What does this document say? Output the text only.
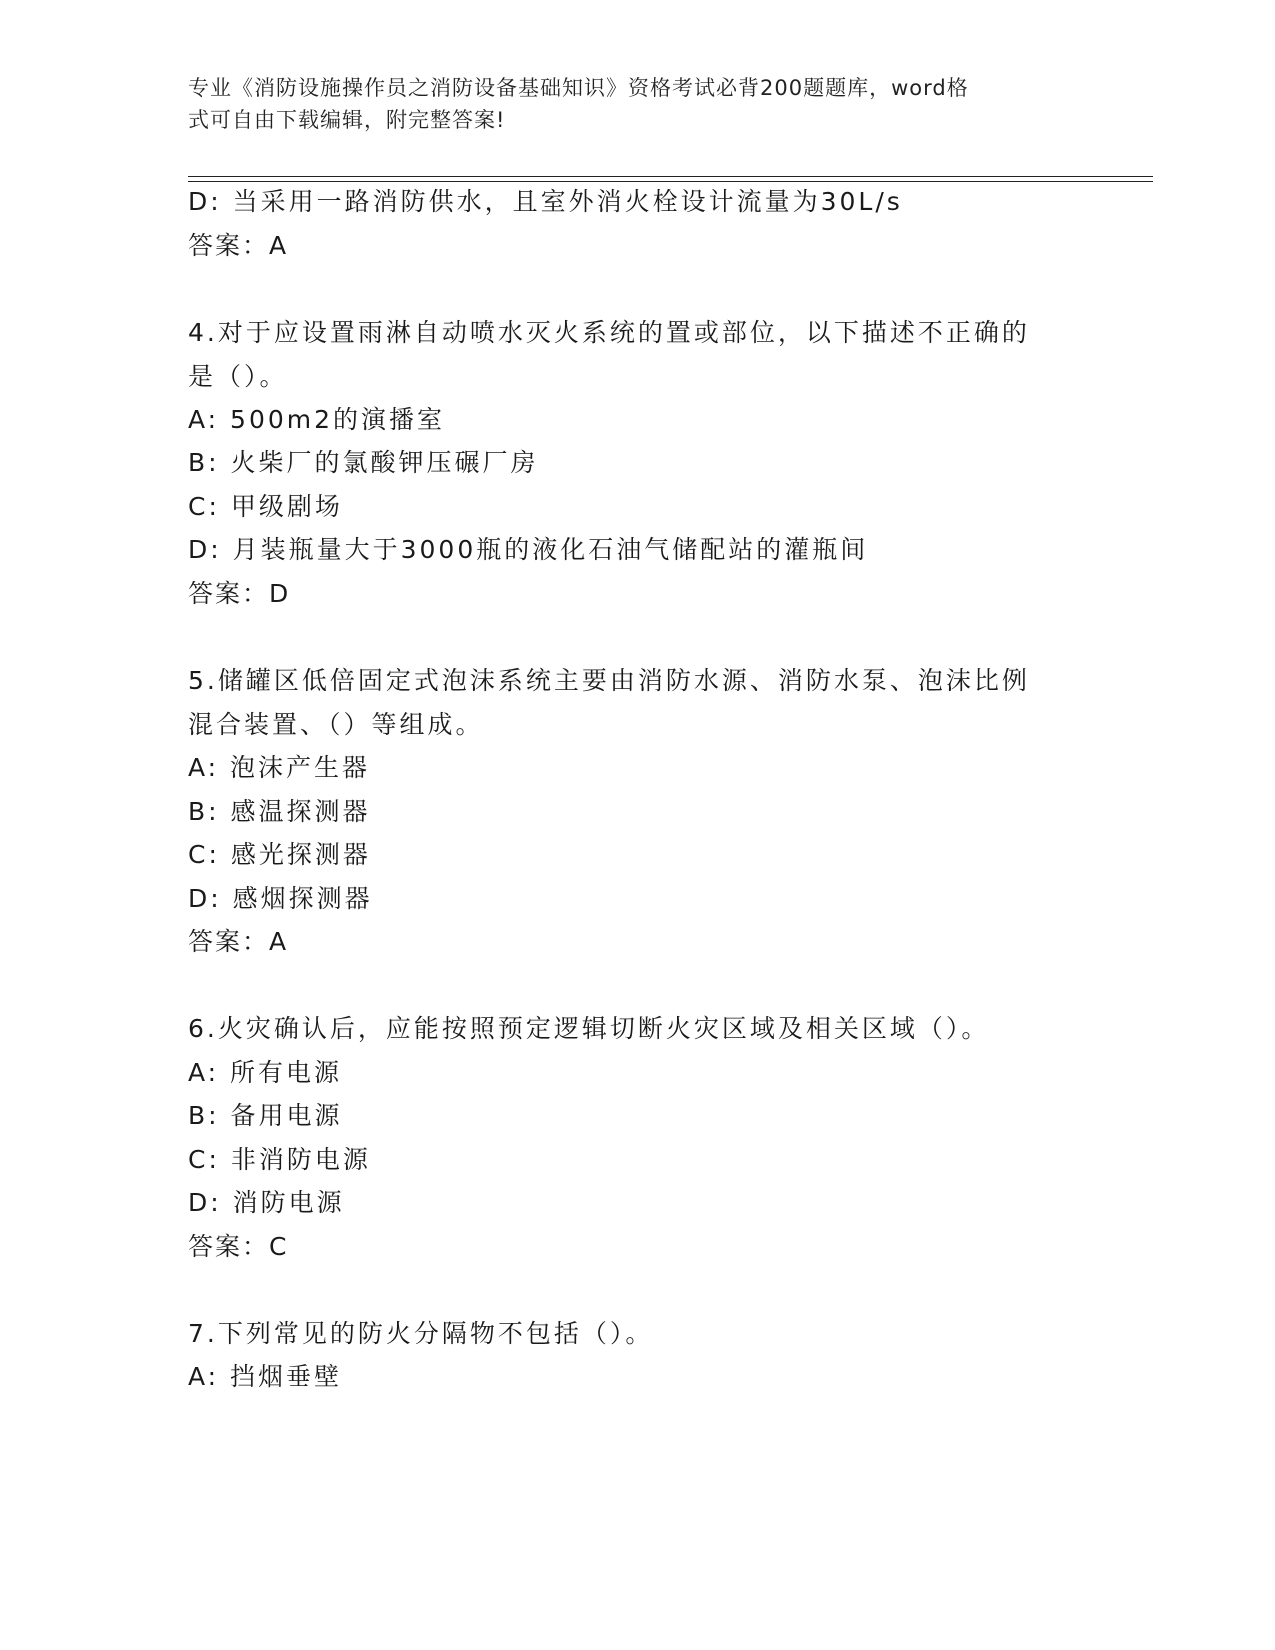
专业《消防设施操作员之消防设备基础知识》资格考试必背200题题库，word格
式可自由下载编辑，附完整答案!
D: 当采用一路消防供水，且室外消火栓设计流量为30L/s
答案：A
4.对于应设置雨淋自动喷水灭火系统的置或部位，以下描述不正确的
是（）。
A: 500m2的演播室
B: 火柴厂的氯酸钾压碾厂房
C: 甲级剧场
D: 月装瓶量大于3000瓶的液化石油气储配站的灌瓶间
答案：D
5.储罐区低倍固定式泡沫系统主要由消防水源、消防水泵、泡沫比例
混合装置、（）等组成。
A: 泡沫产生器
B: 感温探测器
C: 感光探测器
D: 感烟探测器
答案：A
6.火灾确认后，应能按照预定逻辑切断火灾区域及相关区域（）。
A: 所有电源
B: 备用电源
C: 非消防电源
D: 消防电源
答案：C
7.下列常见的防火分隔物不包括（）。
A: 挡烟垂壁
